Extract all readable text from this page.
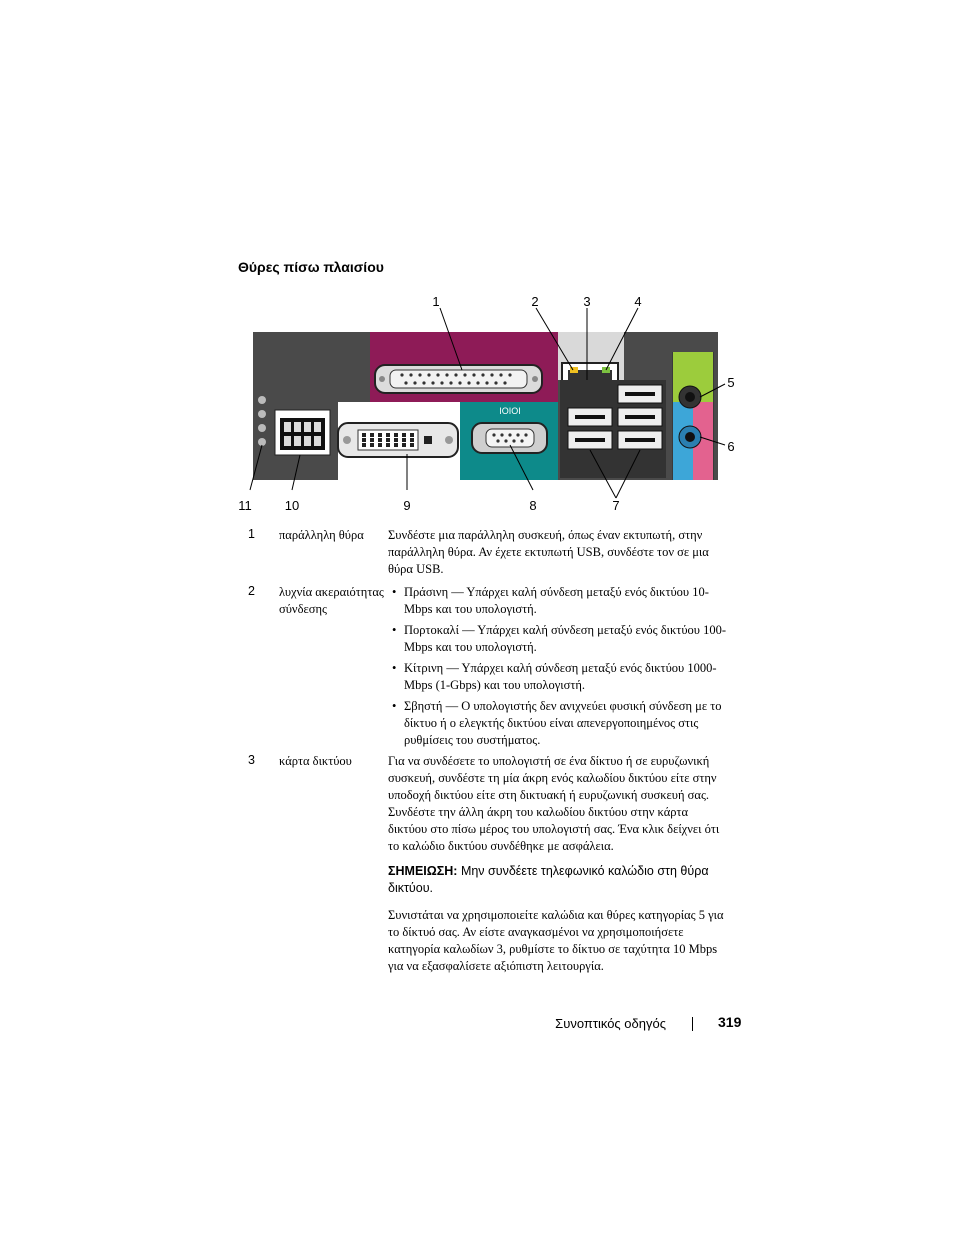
Θύρες πίσω πλαισίου
IOIOI
1	2	3	4
5
6
11	10	9	8	7
1 παράλληλη θύρα	Συνδέστε μια παράλληλη συσκευή, όπως έναν εκτυπωτή, στην παράλληλη θύρα. Αν έχετε εκτυπωτή USB, συνδέστε τον σε μια θύρα USB.

2 λυχνία ακεραιότητας σύνδεσης
• Πράσινη — Υπάρχει καλή σύνδεση μεταξύ ενός δικτύου 10-Mbps και του υπολογιστή.
• Πορτοκαλί — Υπάρχει καλή σύνδεση μεταξύ ενός δικτύου 100-Mbps και του υπολογιστή.
• Κίτρινη — Υπάρχει καλή σύνδεση μεταξύ ενός δικτύου 1000-Mbps (1-Gbps) και του υπολογιστή.
• Σβηστή — Ο υπολογιστής δεν ανιχνεύει φυσική σύνδεση με το δίκτυο ή ο ελεγκτής δικτύου είναι απενεργοποιημένος στις ρυθμίσεις του συστήματος.
3 κάρτα δικτύου	Για να συνδέσετε το υπολογιστή σε ένα δίκτυο ή σε ευρυζωνική συσκευή, συνδέστε τη μία άκρη ενός καλωδίου δικτύου είτε στην υποδοχή δικτύου είτε στη δικτυακή ή ευρυζωνική συσκευή σας. Συνδέστε την άλλη άκρη του καλωδίου δικτύου στην κάρτα δικτύου στο πίσω μέρος του υπολογιστή σας. Ένα κλικ δείχνει ότι το καλώδιο δικτύου συνδέθηκε με ασφάλεια.

ΣΗΜΕΙΩΣΗ: Μην συνδέετε τηλεφωνικό καλώδιο στη θύρα δικτύου.

Συνιστάται να χρησιμοποιείτε καλώδια και θύρες κατηγορίας 5 για το δίκτυό σας. Αν είστε αναγκασμένοι να χρησιμοποιήσετε κατηγορία καλωδίων 3, ρυθμίστε το δίκτυο σε ταχύτητα 10 Mbps για να εξασφαλίσετε αξιόπιστη λειτουργία.

Συνοπτικός οδηγός	319
